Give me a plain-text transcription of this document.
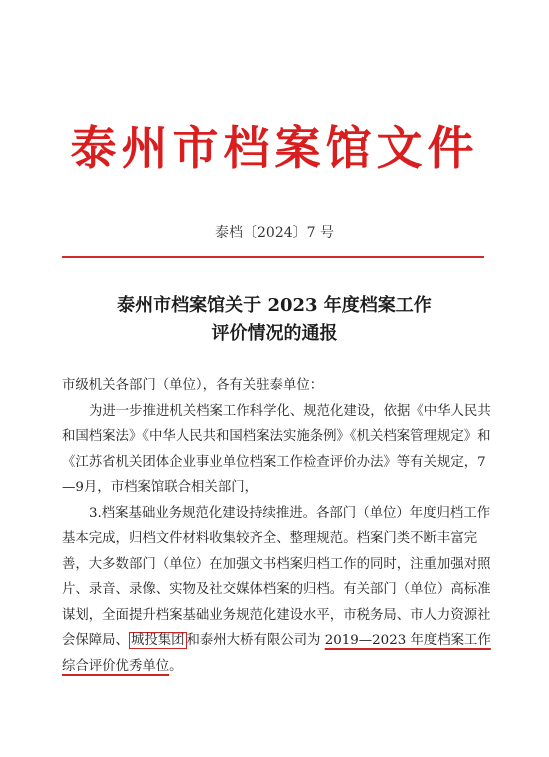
泰州市档案馆文件
泰档〔2024〕7 号
泰州市档案馆关于 2023 年度档案工作
评价情况的通报

市级机关各部门（单位），各有关驻泰单位：

为进一步推进机关档案工作科学化、规范化建设，依据《中华人民共和国档案法》《中华人民共和国档案法实施条例》《机关档案管理规定》和《江苏省机关团体企业事业单位档案工作检查评价办法》等有关规定，7—9月，市档案馆联合相关部门，

3.档案基础业务规范化建设持续推进。各部门（单位）年度归档工作基本完成，归档文件材料收集较齐全、整理规范。档案门类不断丰富完善，大多数部门（单位）在加强文书档案归档工作的同时，注重加强对照片、录音、录像、实物及社交媒体档案的归档。有关部门（单位）高标准谋划，全面提升档案基础业务规范化建设水平，市税务局、市人力资源社会保障局、 城投集团 和泰州大桥有限公司为 2019—2023 年度档案工作综合评价优秀单位。
